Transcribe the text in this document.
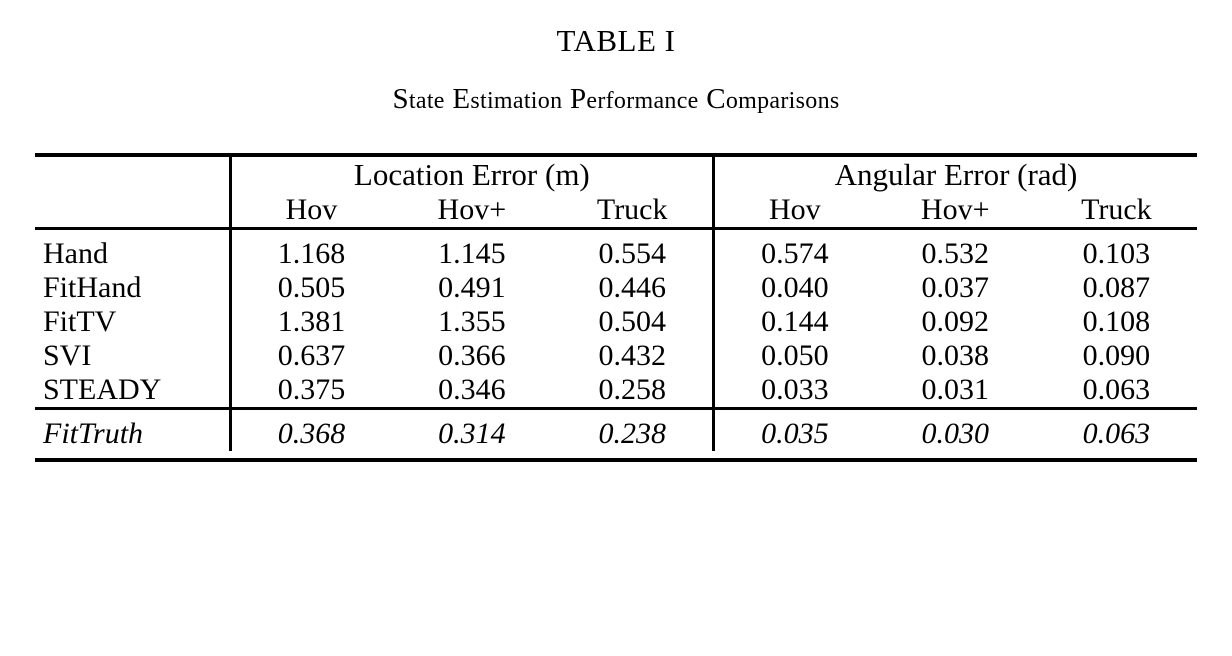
TABLE I
State Estimation Performance Comparisons
	Location Error (m)			Angular Error (rad)		
	Hov	Hov+	Truck	Hov	Hov+	Truck

Hand	1.168	1.145	0.554	0.574	0.532	0.103
FitHand	0.505	0.491	0.446	0.040	0.037	0.087
FitTV	1.381	1.355	0.504	0.144	0.092	0.108
SVI	0.637	0.366	0.432	0.050	0.038	0.090
STEADY	0.375	0.346	0.258	0.033	0.031	0.063

FitTruth	0.368	0.314	0.238	0.035	0.030	0.063
